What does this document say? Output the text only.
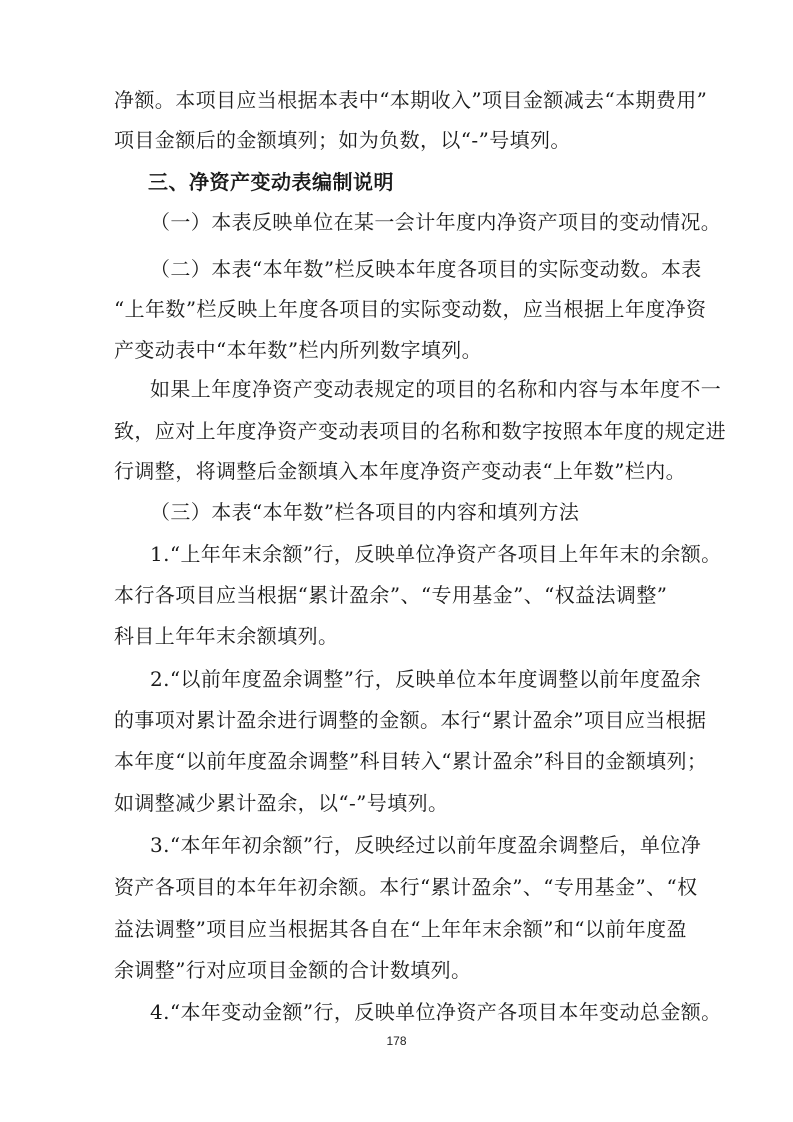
净额。本项目应当根据本表中“本期收入”项目金额减去“本期费用”
项目金额后的金额填列；如为负数，以“-”号填列。
三、净资产变动表编制说明
（一）本表反映单位在某一会计年度内净资产项目的变动情况。
（二）本表“本年数”栏反映本年度各项目的实际变动数。本表
“上年数”栏反映上年度各项目的实际变动数，应当根据上年度净资
产变动表中“本年数”栏内所列数字填列。
如果上年度净资产变动表规定的项目的名称和内容与本年度不一
致，应对上年度净资产变动表项目的名称和数字按照本年度的规定进
行调整，将调整后金额填入本年度净资产变动表“上年数”栏内。
（三）本表“本年数”栏各项目的内容和填列方法
1.“上年年末余额”行，反映单位净资产各项目上年年末的余额。
本行各项目应当根据“累计盈余”、“专用基金”、“权益法调整”
科目上年年末余额填列。
2.“以前年度盈余调整”行，反映单位本年度调整以前年度盈余
的事项对累计盈余进行调整的金额。本行“累计盈余”项目应当根据
本年度“以前年度盈余调整”科目转入“累计盈余”科目的金额填列；
如调整减少累计盈余，以“-”号填列。
3.“本年年初余额”行，反映经过以前年度盈余调整后，单位净
资产各项目的本年年初余额。本行“累计盈余”、“专用基金”、“权
益法调整”项目应当根据其各自在“上年年末余额”和“以前年度盈
余调整”行对应项目金额的合计数填列。
4.“本年变动金额”行，反映单位净资产各项目本年变动总金额。
178
